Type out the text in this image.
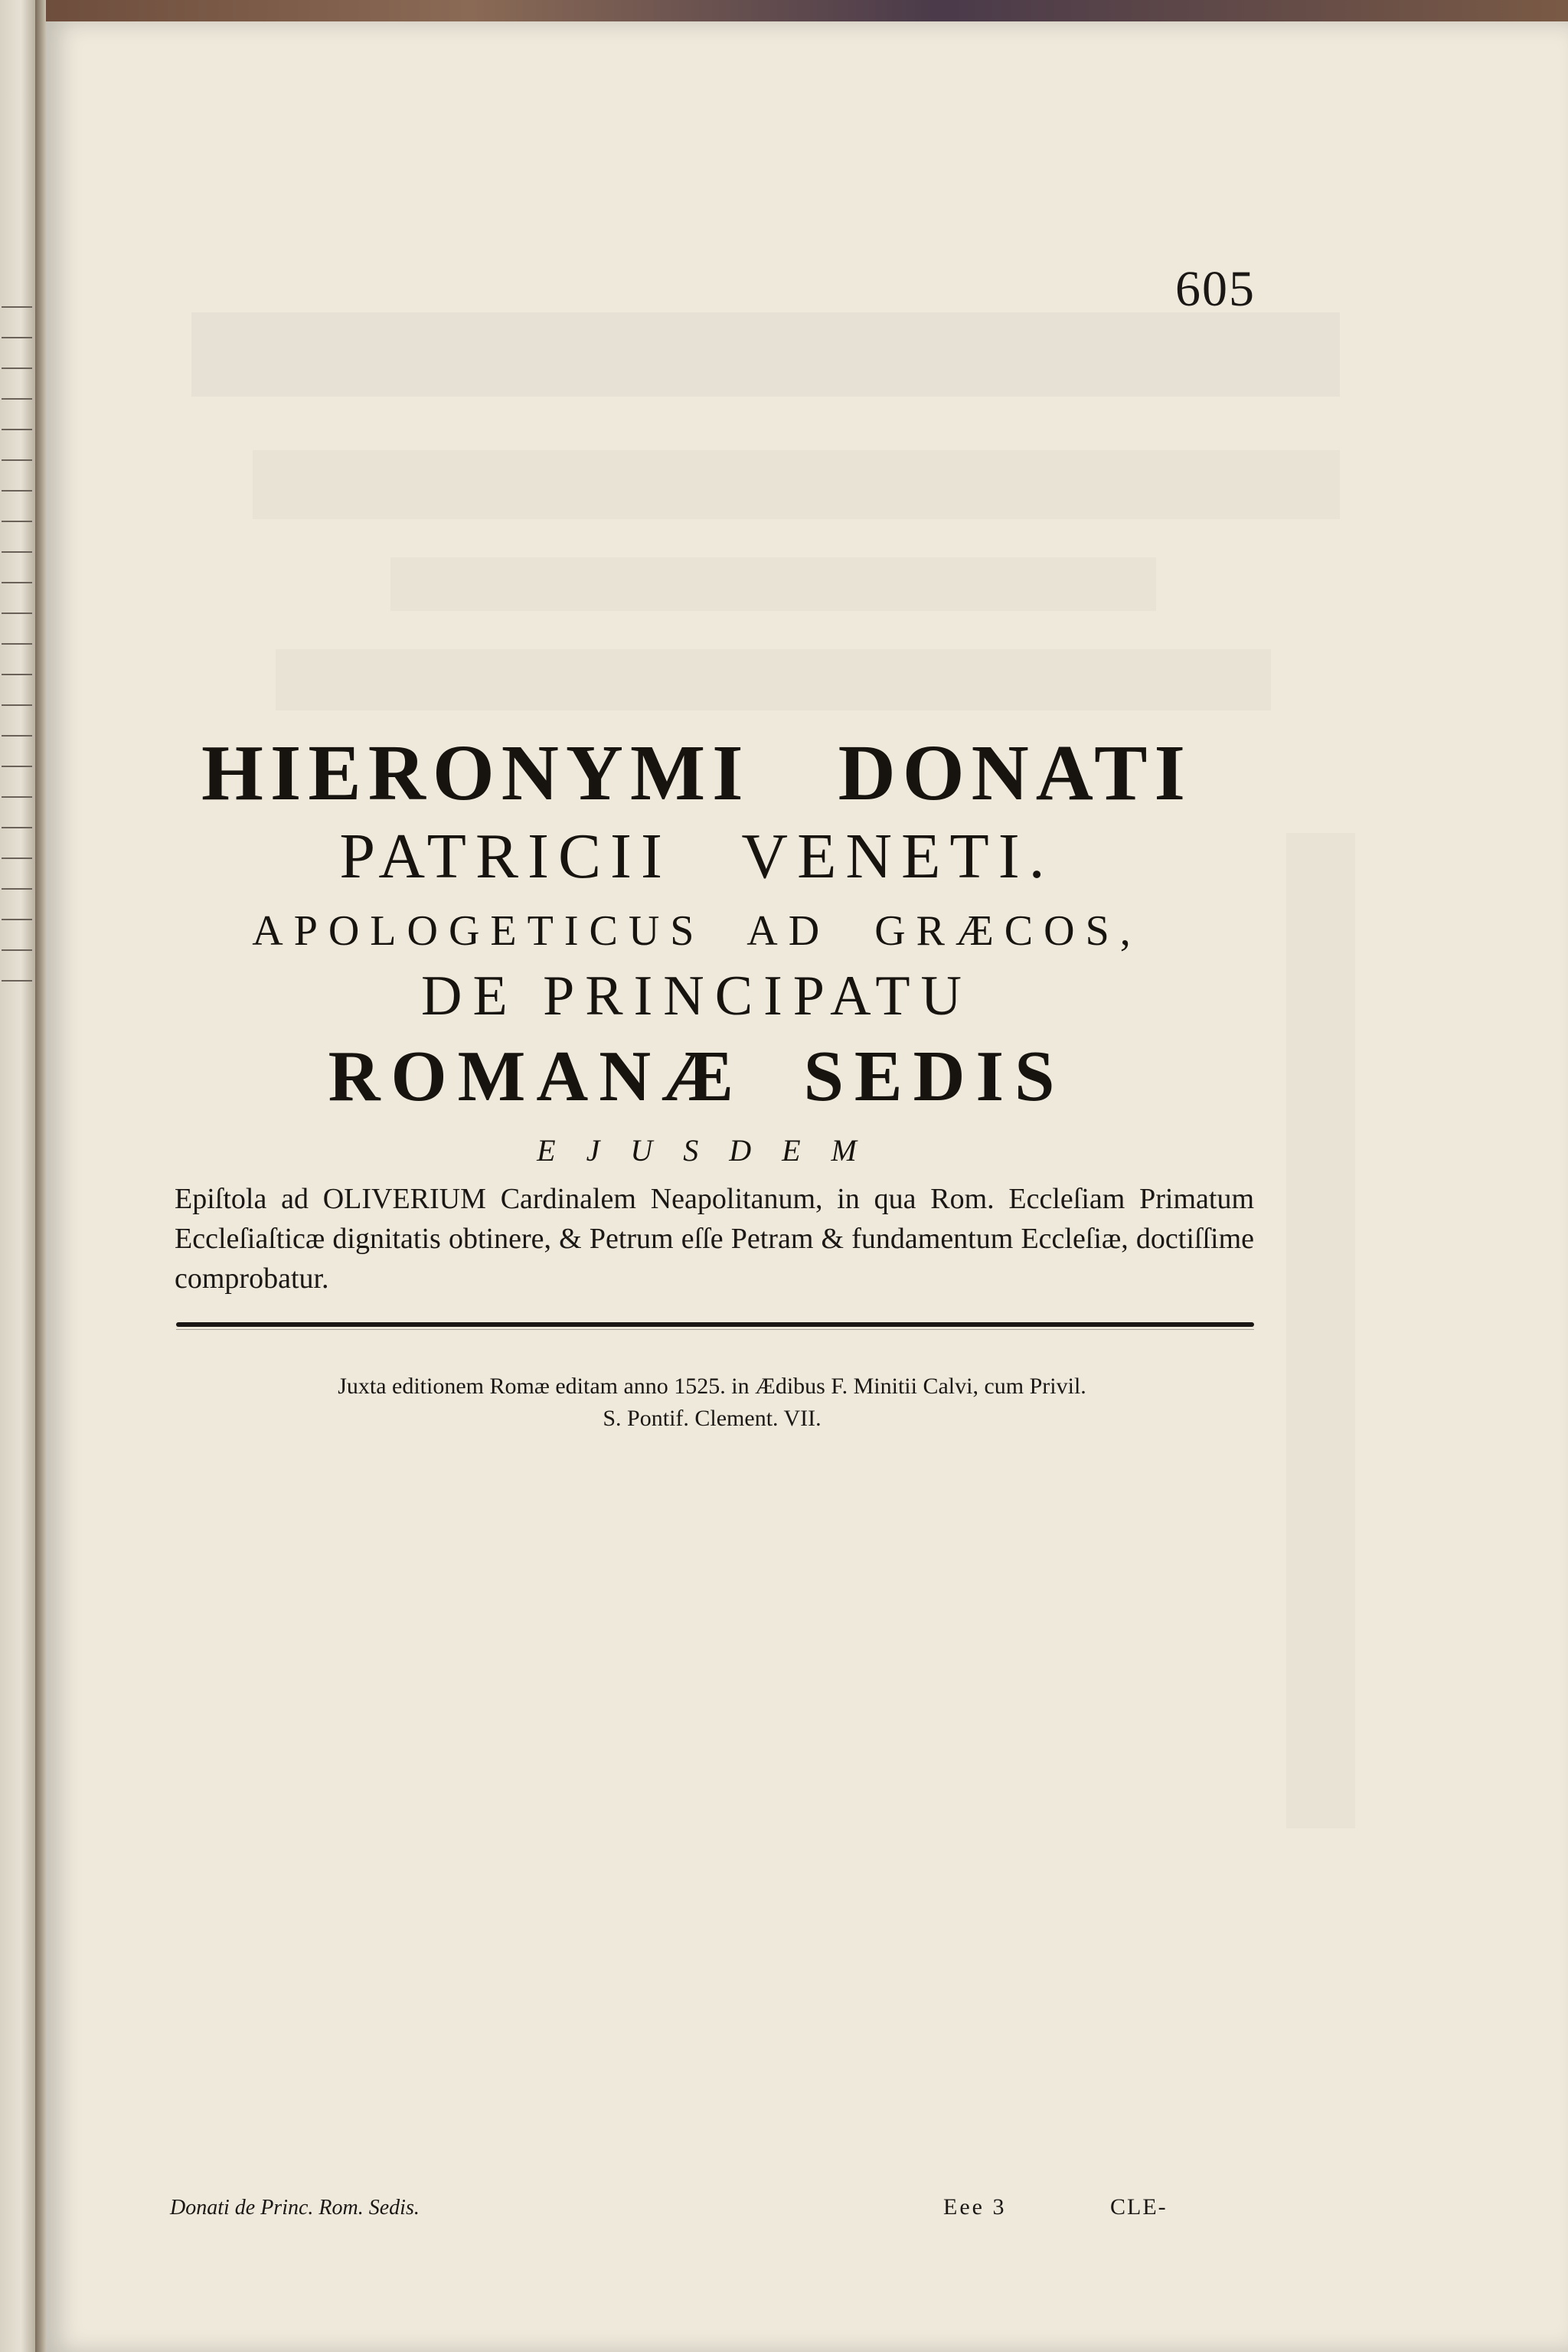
605
HIERONYMI DONATI
PATRICII VENETI.
APOLOGETICUS AD GRÆCOS,
DE PRINCIPATU
ROMANÆ SEDIS
EJUSDEM
Epiſtola ad OLIVERIUM Cardinalem Neapolitanum, in qua Rom. Eccleſiam Primatum Eccleſiaſticæ dignitatis obtinere, & Petrum eſſe Petram & fundamentum Eccleſiæ, doctiſſime comprobatur.
Juxta editionem Romæ editam anno 1525. in Ædibus F. Minitii Calvi, cum Privil.
S. Pontif. Clement. VII.
Donati de Princ. Rom. Sedis.	Eee 3	CLE-
